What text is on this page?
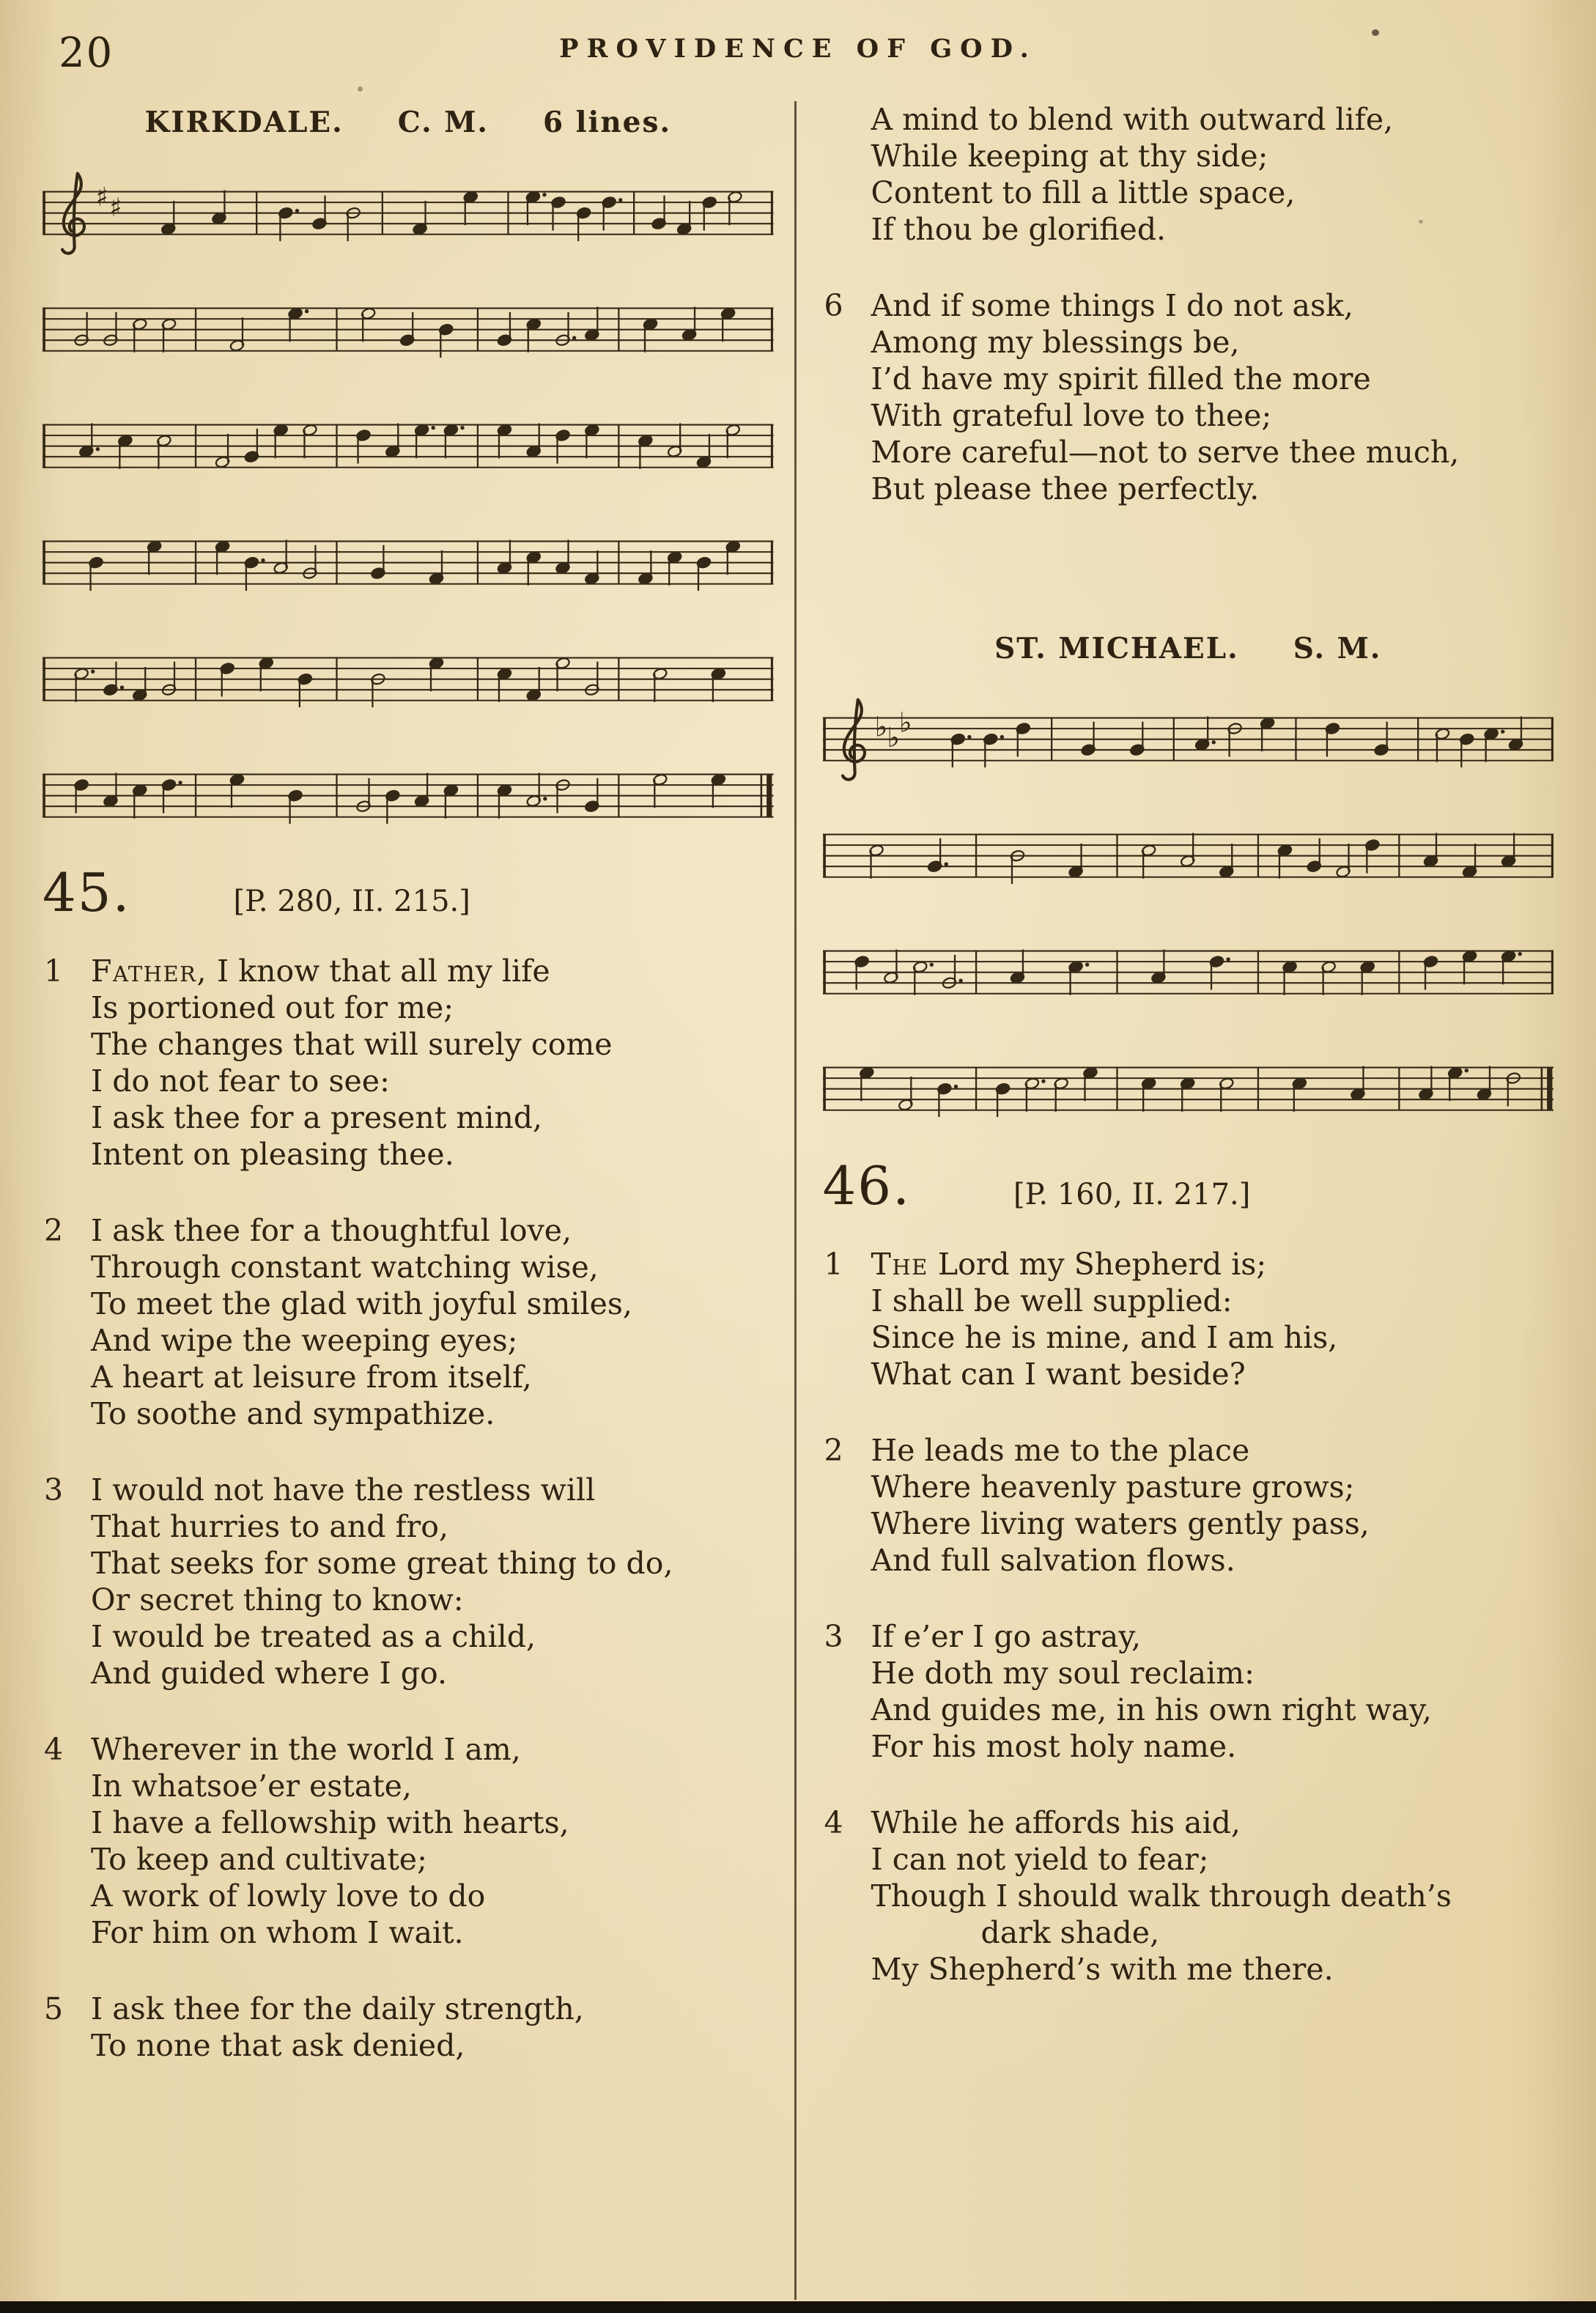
20	PROVIDENCE OF GOD.
KIRKDALE. C. M. 6 lines.
♯ ♯
45.	[P. 280, II. 215.]
1 Father, I know that all my life
Is portioned out for me;
The changes that will surely come
I do not fear to see:
I ask thee for a present mind,
Intent on pleasing thee.
2 I ask thee for a thoughtful love,
Through constant watching wise,
To meet the glad with joyful smiles,
And wipe the weeping eyes;
A heart at leisure from itself,
To soothe and sympathize.
3 I would not have the restless will
That hurries to and fro,
That seeks for some great thing to do,
Or secret thing to know:
I would be treated as a child,
And guided where I go.
4 Wherever in the world I am,
In whatsoe’er estate,
I have a fellowship with hearts,
To keep and cultivate;
A work of lowly love to do
For him on whom I wait.
5 I ask thee for the daily strength,
To none that ask denied,
A mind to blend with outward life,
While keeping at thy side;
Content to fill a little space,
If thou be glorified.
6 And if some things I do not ask,
Among my blessings be,
I’d have my spirit filled the more
With grateful love to thee;
More careful—not to serve thee much,
But please thee perfectly.
ST. MICHAEL. S. M.
♭
♭
♭
46.	[P. 160, II. 217.]
1 The Lord my Shepherd is;
I shall be well supplied:
Since he is mine, and I am his,
What can I want beside?
2 He leads me to the place
Where heavenly pasture grows;
Where living waters gently pass,
And full salvation flows.
3 If e’er I go astray,
He doth my soul reclaim:
And guides me, in his own right way,
For his most holy name.
4 While he affords his aid,
I can not yield to fear;
Though I should walk through death’s
dark shade,
My Shepherd’s with me there.
